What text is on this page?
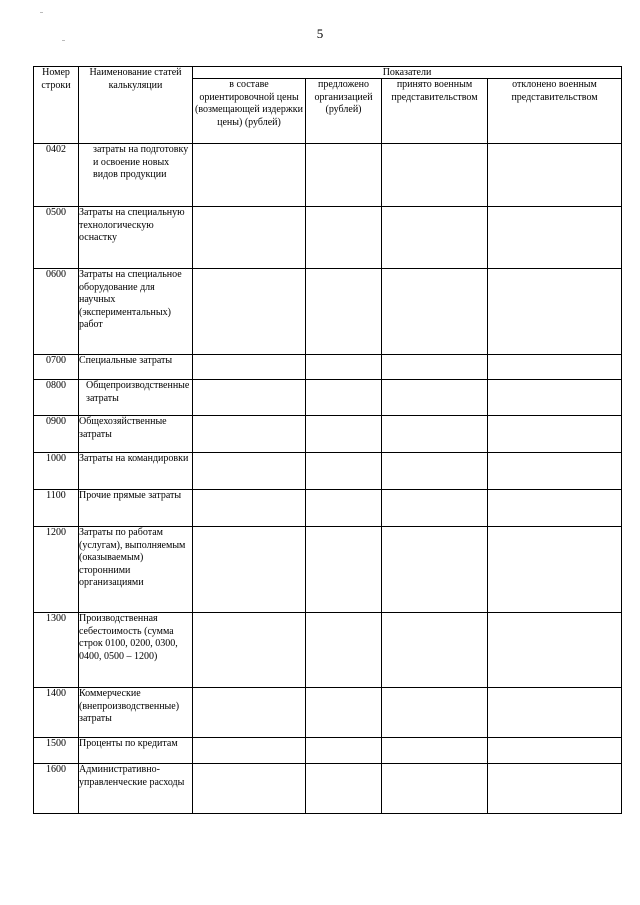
5
Номер строки	Наименование статей калькуляции	Показатели			
		в составе ориентировочной цены (возмещающей издержки цены) (рублей)	предложено организацией (рублей)	принято военным представительством	отклонено военным представительством
0402	затраты на подготовку и освоение новых видов продукции				
0500	Затраты на специальную технологическую оснастку				
0600	Затраты на специальное оборудование для научных (экспериментальных) работ				
0700	Специальные затраты				
0800	Общепроизводственные затраты				
0900	Общехозяйственные затраты				
1000	Затраты на командировки				
1100	Прочие прямые затраты				
1200	Затраты по работам (услугам), выполняемым (оказываемым) сторонними организациями				
1300	Производственная себестоимость (сумма строк 0100, 0200, 0300, 0400, 0500 – 1200)				
1400	Коммерческие (внепроизводственные) затраты				
1500	Проценты по кредитам				
1600	Административно-управленческие расходы				
